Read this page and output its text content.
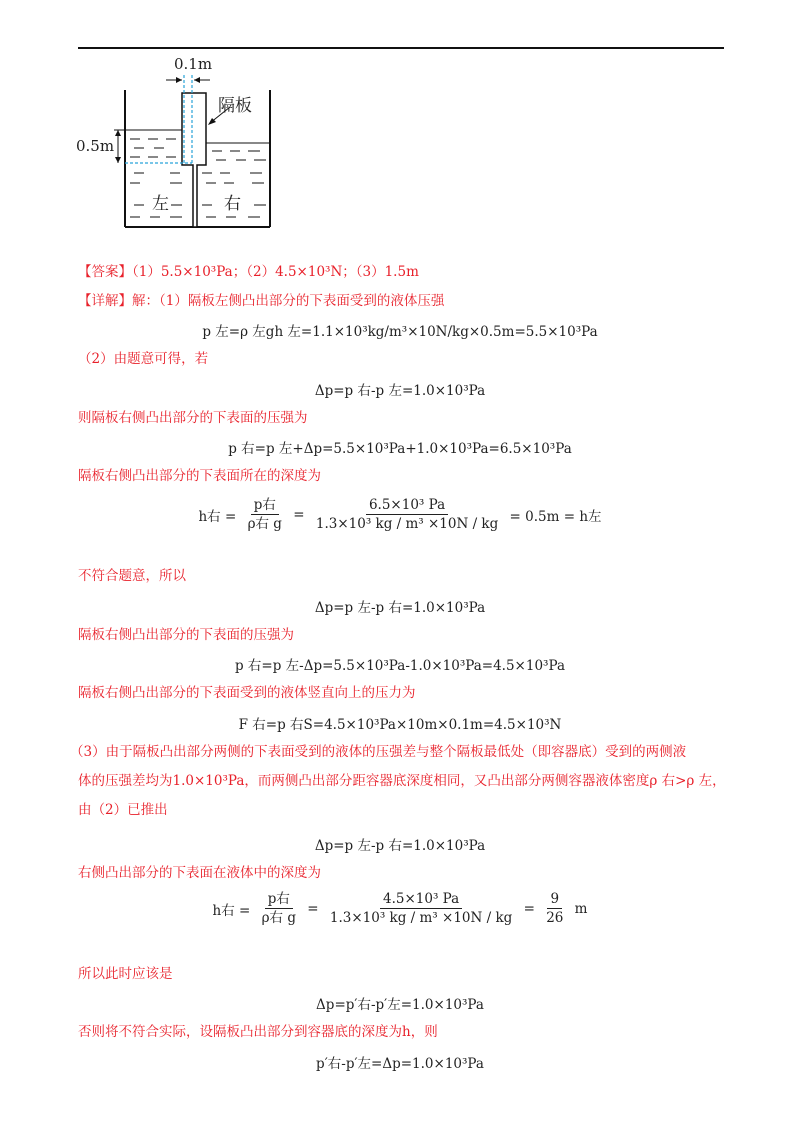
0.1m
隔板
0.5m
左	右
【答案】（1）5.5×10³Pa；（2）4.5×10³N；（3）1.5m
【详解】解：（1）隔板左侧凸出部分的下表面受到的液体压强
p 左=ρ 左gh 左=1.1×10³kg/m³×10N/kg×0.5m=5.5×10³Pa
（2）由题意可得，若
Δp=p 右-p 左=1.0×10³Pa
则隔板右侧凸出部分的下表面的压强为
p 右=p 左+Δp=5.5×10³Pa+1.0×10³Pa=6.5×10³Pa
隔板右侧凸出部分的下表面所在的深度为
h右 = $\frac{\text{p右}}{\text{ρ右 g}} = \frac{\text{6.5×10³ Pa}}{\text{1.3×10³ kg / m³ ×10N / kg}} = 0.5m = h$左
不符合题意，所以
Δp=p 左-p 右=1.0×10³Pa
隔板右侧凸出部分的下表面的压强为
p 右=p 左-Δp=5.5×10³Pa-1.0×10³Pa=4.5×10³Pa
隔板右侧凸出部分的下表面受到的液体竖直向上的压力为
F 右=p 右S=4.5×10³Pa×10m×0.1m=4.5×10³N
（3）由于隔板凸出部分两侧的下表面受到的液体的压强差与整个隔板最低处（即容器底）受到的两侧液
体的压强差均为1.0×10³Pa，而两侧凸出部分距容器底深度相同，又凸出部分两侧容器液体密度ρ 右>ρ 左，
由（2）已推出
Δp=p 左-p 右=1.0×10³Pa
右侧凸出部分的下表面在液体中的深度为
h右 = $\frac{\text{p右}}{\text{ρ右 g}} = \frac{\text{4.5×10³ Pa}}{\text{1.3×10³ kg / m³ ×10N / kg}} = \frac{9}{26}$ m
所以此时应该是
Δp=p′右-p′左=1.0×10³Pa
否则将不符合实际，设隔板凸出部分到容器底的深度为h，则
p′右-p′左=Δp=1.0×10³Pa
